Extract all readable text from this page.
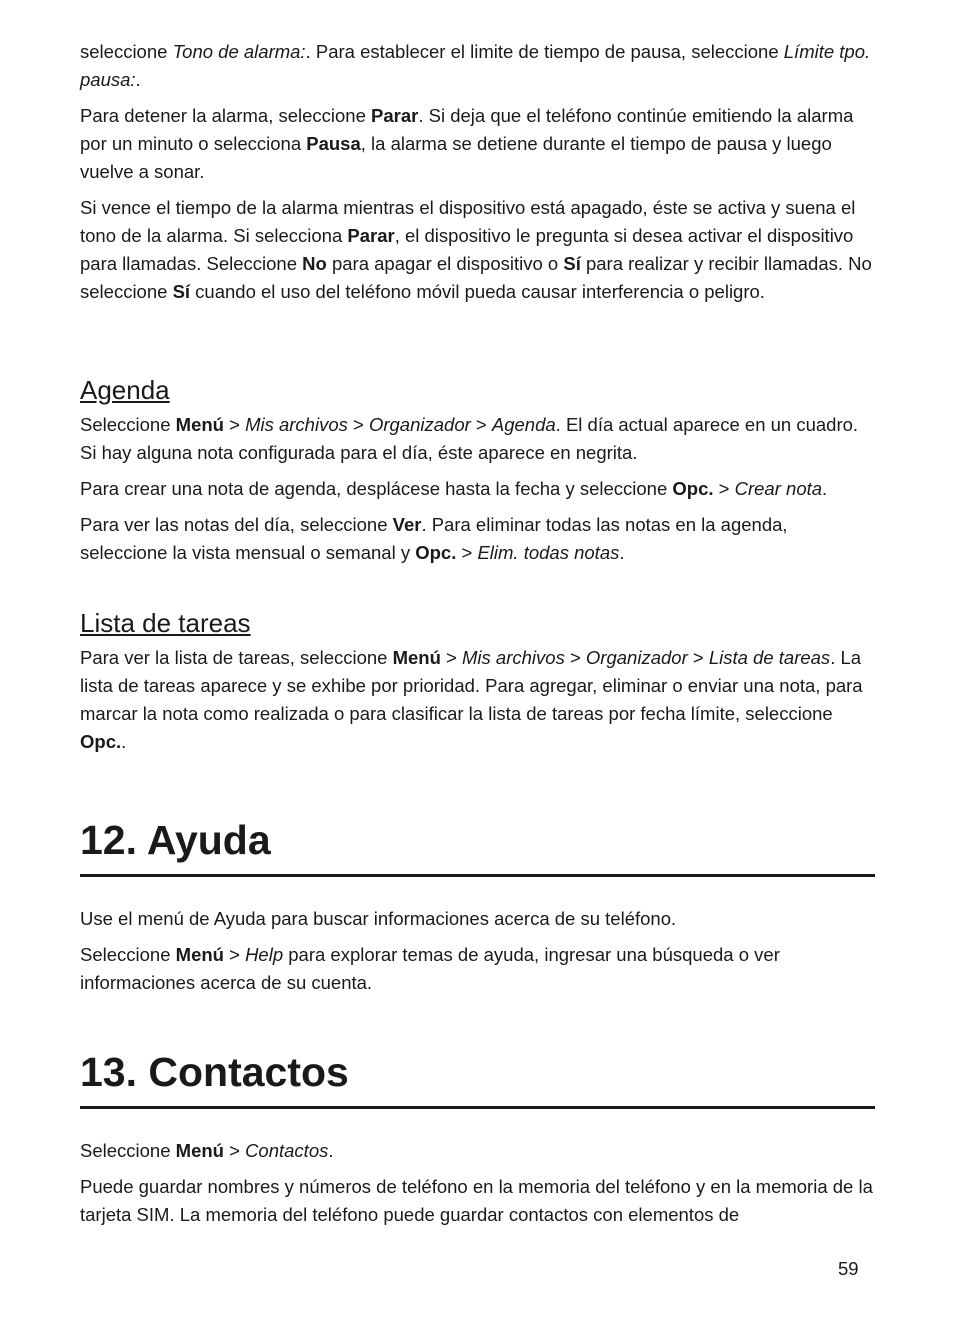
seleccione Tono de alarma:. Para establecer el limite de tiempo de pausa, seleccione Límite tpo. pausa:.

Para detener la alarma, seleccione Parar. Si deja que el teléfono continúe emitiendo la alarma por un minuto o selecciona Pausa, la alarma se detiene durante el tiempo de pausa y luego vuelve a sonar.

Si vence el tiempo de la alarma mientras el dispositivo está apagado, éste se activa y suena el tono de la alarma. Si selecciona Parar, el dispositivo le pregunta si desea activar el dispositivo para llamadas. Seleccione No para apagar el dispositivo o Sí para realizar y recibir llamadas. No seleccione Sí cuando el uso del teléfono móvil pueda causar interferencia o peligro.

Agenda

Seleccione Menú > Mis archivos > Organizador > Agenda. El día actual aparece en un cuadro. Si hay alguna nota configurada para el día, éste aparece en negrita.

Para crear una nota de agenda, desplácese hasta la fecha y seleccione Opc. > Crear nota.

Para ver las notas del día, seleccione Ver. Para eliminar todas las notas en la agenda, seleccione la vista mensual o semanal y Opc. > Elim. todas notas.

Lista de tareas

Para ver la lista de tareas, seleccione Menú > Mis archivos > Organizador > Lista de tareas. La lista de tareas aparece y se exhibe por prioridad. Para agregar, eliminar o enviar una nota, para marcar la nota como realizada o para clasificar la lista de tareas por fecha límite, seleccione Opc..

12. Ayuda

Use el menú de Ayuda para buscar informaciones acerca de su teléfono.

Seleccione Menú > Help para explorar temas de ayuda, ingresar una búsqueda o ver informaciones acerca de su cuenta.

13. Contactos

Seleccione Menú > Contactos.

Puede guardar nombres y números de teléfono en la memoria del teléfono y en la memoria de la tarjeta SIM. La memoria del teléfono puede guardar contactos con elementos de

59
